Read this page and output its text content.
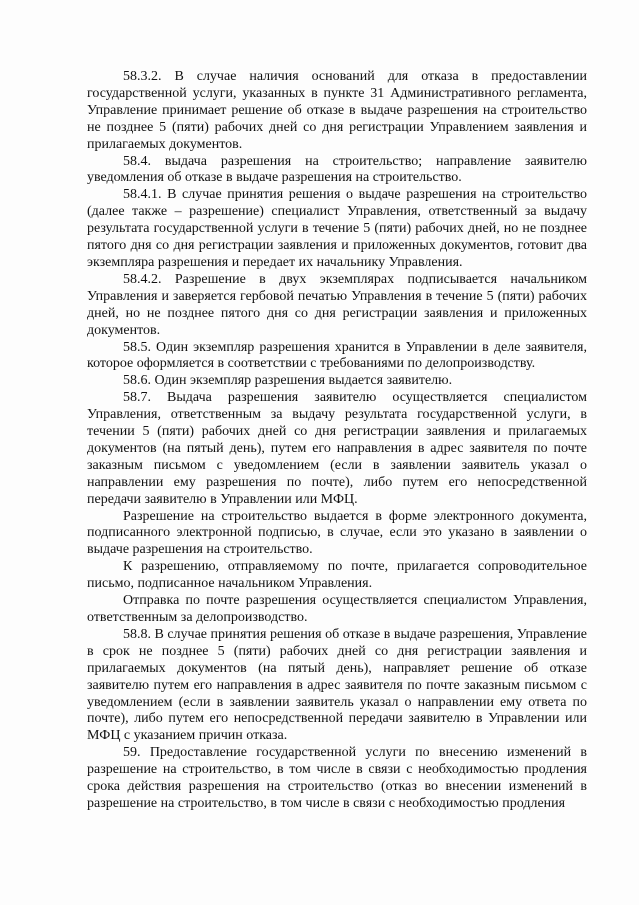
58.3.2. В случае наличия оснований для отказа в предоставлении государственной услуги, указанных в пункте 31 Административного регламента, Управление принимает решение об отказе в выдаче разрешения на строительство не позднее 5 (пяти) рабочих дней со дня регистрации Управлением заявления и прилагаемых документов.

58.4. выдача разрешения на строительство; направление заявителю уведомления об отказе в выдаче разрешения на строительство.

58.4.1. В случае принятия решения о выдаче разрешения на строительство (далее также – разрешение) специалист Управления, ответственный за выдачу результата государственной услуги в течение 5 (пяти) рабочих дней, но не позднее пятого дня со дня регистрации заявления и приложенных документов, готовит два экземпляра разрешения и передает их начальнику Управления.

58.4.2. Разрешение в двух экземплярах подписывается начальником Управления и заверяется гербовой печатью Управления в течение 5 (пяти) рабочих дней, но не позднее пятого дня со дня регистрации заявления и приложенных документов.

58.5. Один экземпляр разрешения хранится в Управлении в деле заявителя, которое оформляется в соответствии с требованиями по делопроизводству.

58.6. Один экземпляр разрешения выдается заявителю.

58.7. Выдача разрешения заявителю осуществляется специалистом Управления, ответственным за выдачу результата государственной услуги, в течении 5 (пяти) рабочих дней со дня регистрации заявления и прилагаемых документов (на пятый день), путем его направления в адрес заявителя по почте заказным письмом с уведомлением (если в заявлении заявитель указал о направлении ему разрешения по почте), либо путем его непосредственной передачи заявителю в Управлении или МФЦ.

Разрешение на строительство выдается в форме электронного документа, подписанного электронной подписью, в случае, если это указано в заявлении о выдаче разрешения на строительство.

К разрешению, отправляемому по почте, прилагается сопроводительное письмо, подписанное начальником Управления.

Отправка по почте разрешения осуществляется специалистом Управления, ответственным за делопроизводство.

58.8. В случае принятия решения об отказе в выдаче разрешения, Управление в срок не позднее 5 (пяти) рабочих дней со дня регистрации заявления и прилагаемых документов (на пятый день), направляет решение об отказе заявителю путем его направления в адрес заявителя по почте заказным письмом с уведомлением (если в заявлении заявитель указал о направлении ему ответа по почте), либо путем его непосредственной передачи заявителю в Управлении или МФЦ с указанием причин отказа.

59. Предоставление государственной услуги по внесению изменений в разрешение на строительство, в том числе в связи с необходимостью продления срока действия разрешения на строительство (отказ во внесении изменений в разрешение на строительство, в том числе в связи с необходимостью продления
